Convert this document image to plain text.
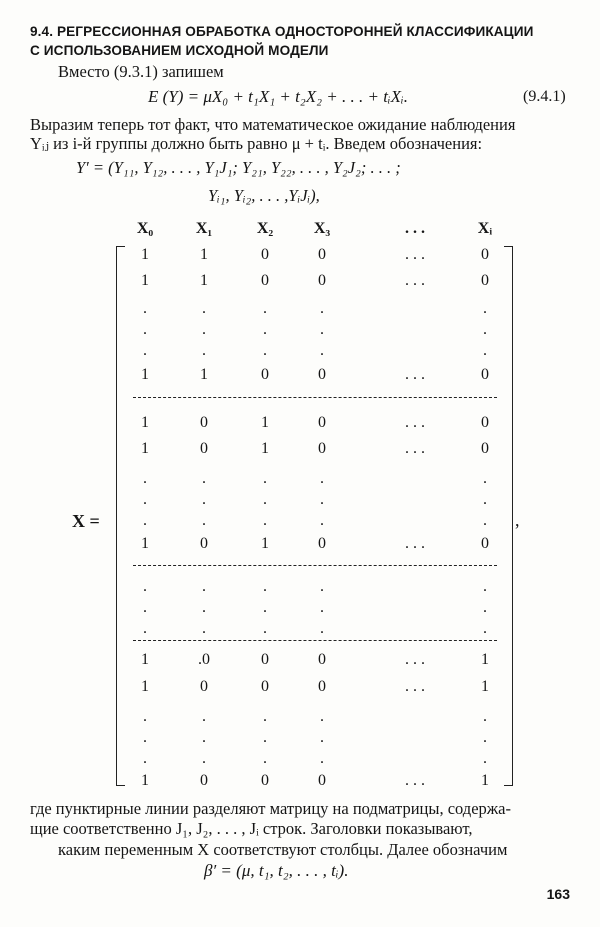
9.4. РЕГРЕССИОННАЯ ОБРАБОТКА ОДНОСТОРОННЕЙ КЛАССИФИКАЦИИ
С ИСПОЛЬЗОВАНИЕМ ИСХОДНОЙ МОДЕЛИ
Вместо (9.3.1) запишем
E (Y) = μX₀ + t₁X₁ + t₂X₂ + . . . + tᵢXᵢ.	(9.4.1)
Выразим теперь тот факт, что математическое ожидание наблюдения
Yᵢⱼ из i-й группы должно быть равно μ + tᵢ. Введем обозначения:
Y′ = (Y₁₁, Y₁₂, . . . , Y₁J₁; Y₂₁, Y₂₂, . . . , Y₂J₂; . . . ;
Yᵢ₁, Yᵢ₂, . . . ,YᵢJᵢ),
X₀	X₁	X₂	X₃	. . .	Xᵢ
1	1	0	0	. . .	0
1	1	0	0	. . .	0
.	.	.	.	.
.	.	.	.	.
.	.	.	.	.
1	1	0	0	. . .	0
1	0	1	0	. . .	0
1	0	1	0	. . .	0
.	.	.	.	.
.	.	.	.	.
.	.	.	.	.
1	0	1	0	. . .	0
.	.	.	.	.
.	.	.	.	.
.	.	.	.	.
1	.0	0	0	. . .	1
1	0	0	0	. . .	1
.	.	.	.	.
.	.	.	.	.
.	.	.	.	.
1	0	0	0	. . .	1
X =	,
где пунктирные линии разделяют матрицу на подматрицы, содержа-
щие соответственно J₁, J₂, . . . , Jᵢ строк. Заголовки показывают,
каким переменным X соответствуют столбцы. Далее обозначим
β′ = (μ, t₁, t₂, . . . , tᵢ).
163
